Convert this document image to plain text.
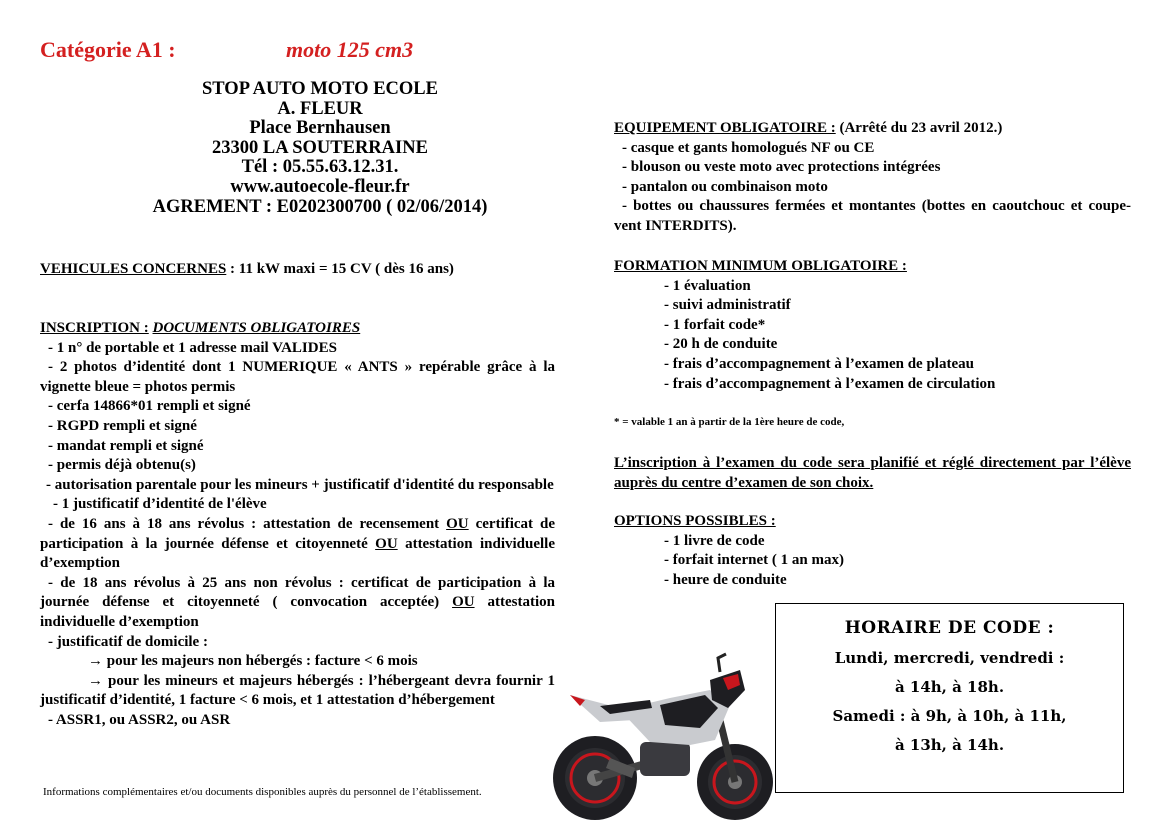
Catégorie A1 :	moto 125 cm3
STOP AUTO MOTO ECOLE
A. FLEUR
Place Bernhausen
23300 LA SOUTERRAINE
Tél : 05.55.63.12.31.
www.autoecole-fleur.fr
AGREMENT : E0202300700 ( 02/06/2014)
VEHICULES CONCERNES : 11 kW maxi = 15 CV ( dès 16 ans)
INSCRIPTION : DOCUMENTS OBLIGATOIRES
- 1 n° de portable et 1 adresse mail VALIDES
- 2 photos d’identité dont 1 NUMERIQUE « ANTS » repérable grâce à la vignette bleue = photos permis
- cerfa 14866*01 rempli et signé
- RGPD rempli et signé
- mandat rempli et signé
- permis déjà obtenu(s)
- autorisation parentale pour les mineurs + justificatif d'identité du responsable
- 1 justificatif d’identité de l'élève
- de 16 ans à 18 ans révolus : attestation de recensement OU certificat de participation à la journée défense et citoyenneté OU attestation individuelle d’exemption
- de 18 ans révolus à 25 ans non révolus : certificat de participation à la journée défense et citoyenneté ( convocation acceptée) OU attestation individuelle d’exemption
- justificatif de domicile :
→ pour les majeurs non hébergés : facture < 6 mois
→ pour les mineurs et majeurs hébergés : l’hébergeant devra fournir 1 justificatif d’identité, 1 facture < 6 mois, et 1 attestation d’hébergement
- ASSR1, ou ASSR2, ou ASR
Informations complémentaires et/ou documents disponibles auprès du personnel de l’établissement.
EQUIPEMENT OBLIGATOIRE : (Arrêté du 23 avril 2012.)
- casque et gants homologués NF ou CE
- blouson ou veste moto avec protections intégrées
- pantalon ou combinaison moto
- bottes ou chaussures fermées et montantes (bottes en caoutchouc et coupe-vent INTERDITS).
FORMATION MINIMUM OBLIGATOIRE :
- 1 évaluation
- suivi administratif
- 1 forfait code*
- 20 h de conduite
- frais d’accompagnement à l’examen de plateau
- frais d’accompagnement à l’examen de circulation
* = valable 1 an à partir de la 1ère heure de code,
L’inscription à l’examen du code sera planifié et réglé directement par l’élève auprès du centre d’examen de son choix.
OPTIONS POSSIBLES :
- 1 livre de code
- forfait internet ( 1 an max)
- heure de conduite
HORAIRE DE CODE :
Lundi, mercredi, vendredi :
à 14h, à 18h.
Samedi : à 9h, à 10h, à 11h,
à 13h, à 14h.
